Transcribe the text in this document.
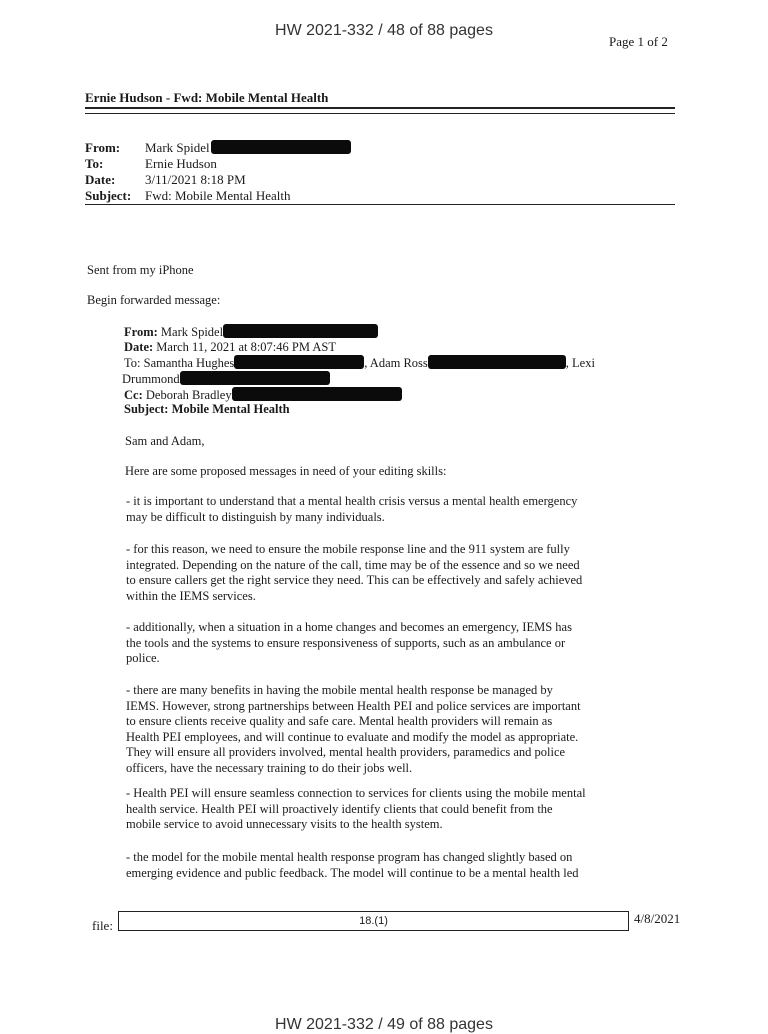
HW 2021-332 / 48 of 88 pages
Page 1 of 2
Ernie Hudson - Fwd: Mobile Mental Health
From: Mark Spidel
To:	Ernie Hudson
Date: 3/11/2021 8:18 PM
Subject: Fwd: Mobile Mental Health
Sent from my iPhone
Begin forwarded message:
From: Mark Spidel
Date: March 11, 2021 at 8:07:46 PM AST
To: Samantha Hughes	, Adam Ross	, Lexi
Drummond
Cc: Deborah Bradley
Subject: Mobile Mental Health
Sam and Adam,
Here are some proposed messages in need of your editing skills:
- it is important to understand that a mental health crisis versus a mental health emergency
may be difficult to distinguish by many individuals.
- for this reason, we need to ensure the mobile response line and the 911 system are fully
integrated. Depending on the nature of the call, time may be of the essence and so we need
to ensure callers get the right service they need. This can be effectively and safely achieved
within the IEMS services.
- additionally, when a situation in a home changes and becomes an emergency, IEMS has
the tools and the systems to ensure responsiveness of supports, such as an ambulance or
police.
- there are many benefits in having the mobile mental health response be managed by
IEMS. However, strong partnerships between Health PEI and police services are important
to ensure clients receive quality and safe care. Mental health providers will remain as
Health PEI employees, and will continue to evaluate and modify the model as appropriate.
They will ensure all providers involved, mental health providers, paramedics and police
officers, have the necessary training to do their jobs well.
- Health PEI will ensure seamless connection to services for clients using the mobile mental
health service. Health PEI will proactively identify clients that could benefit from the
mobile service to avoid unnecessary visits to the health system.
- the model for the mobile mental health response program has changed slightly based on
emerging evidence and public feedback. The model will continue to be a mental health led
file:	18.(1)	4/8/2021
HW 2021-332 / 49 of 88 pages
